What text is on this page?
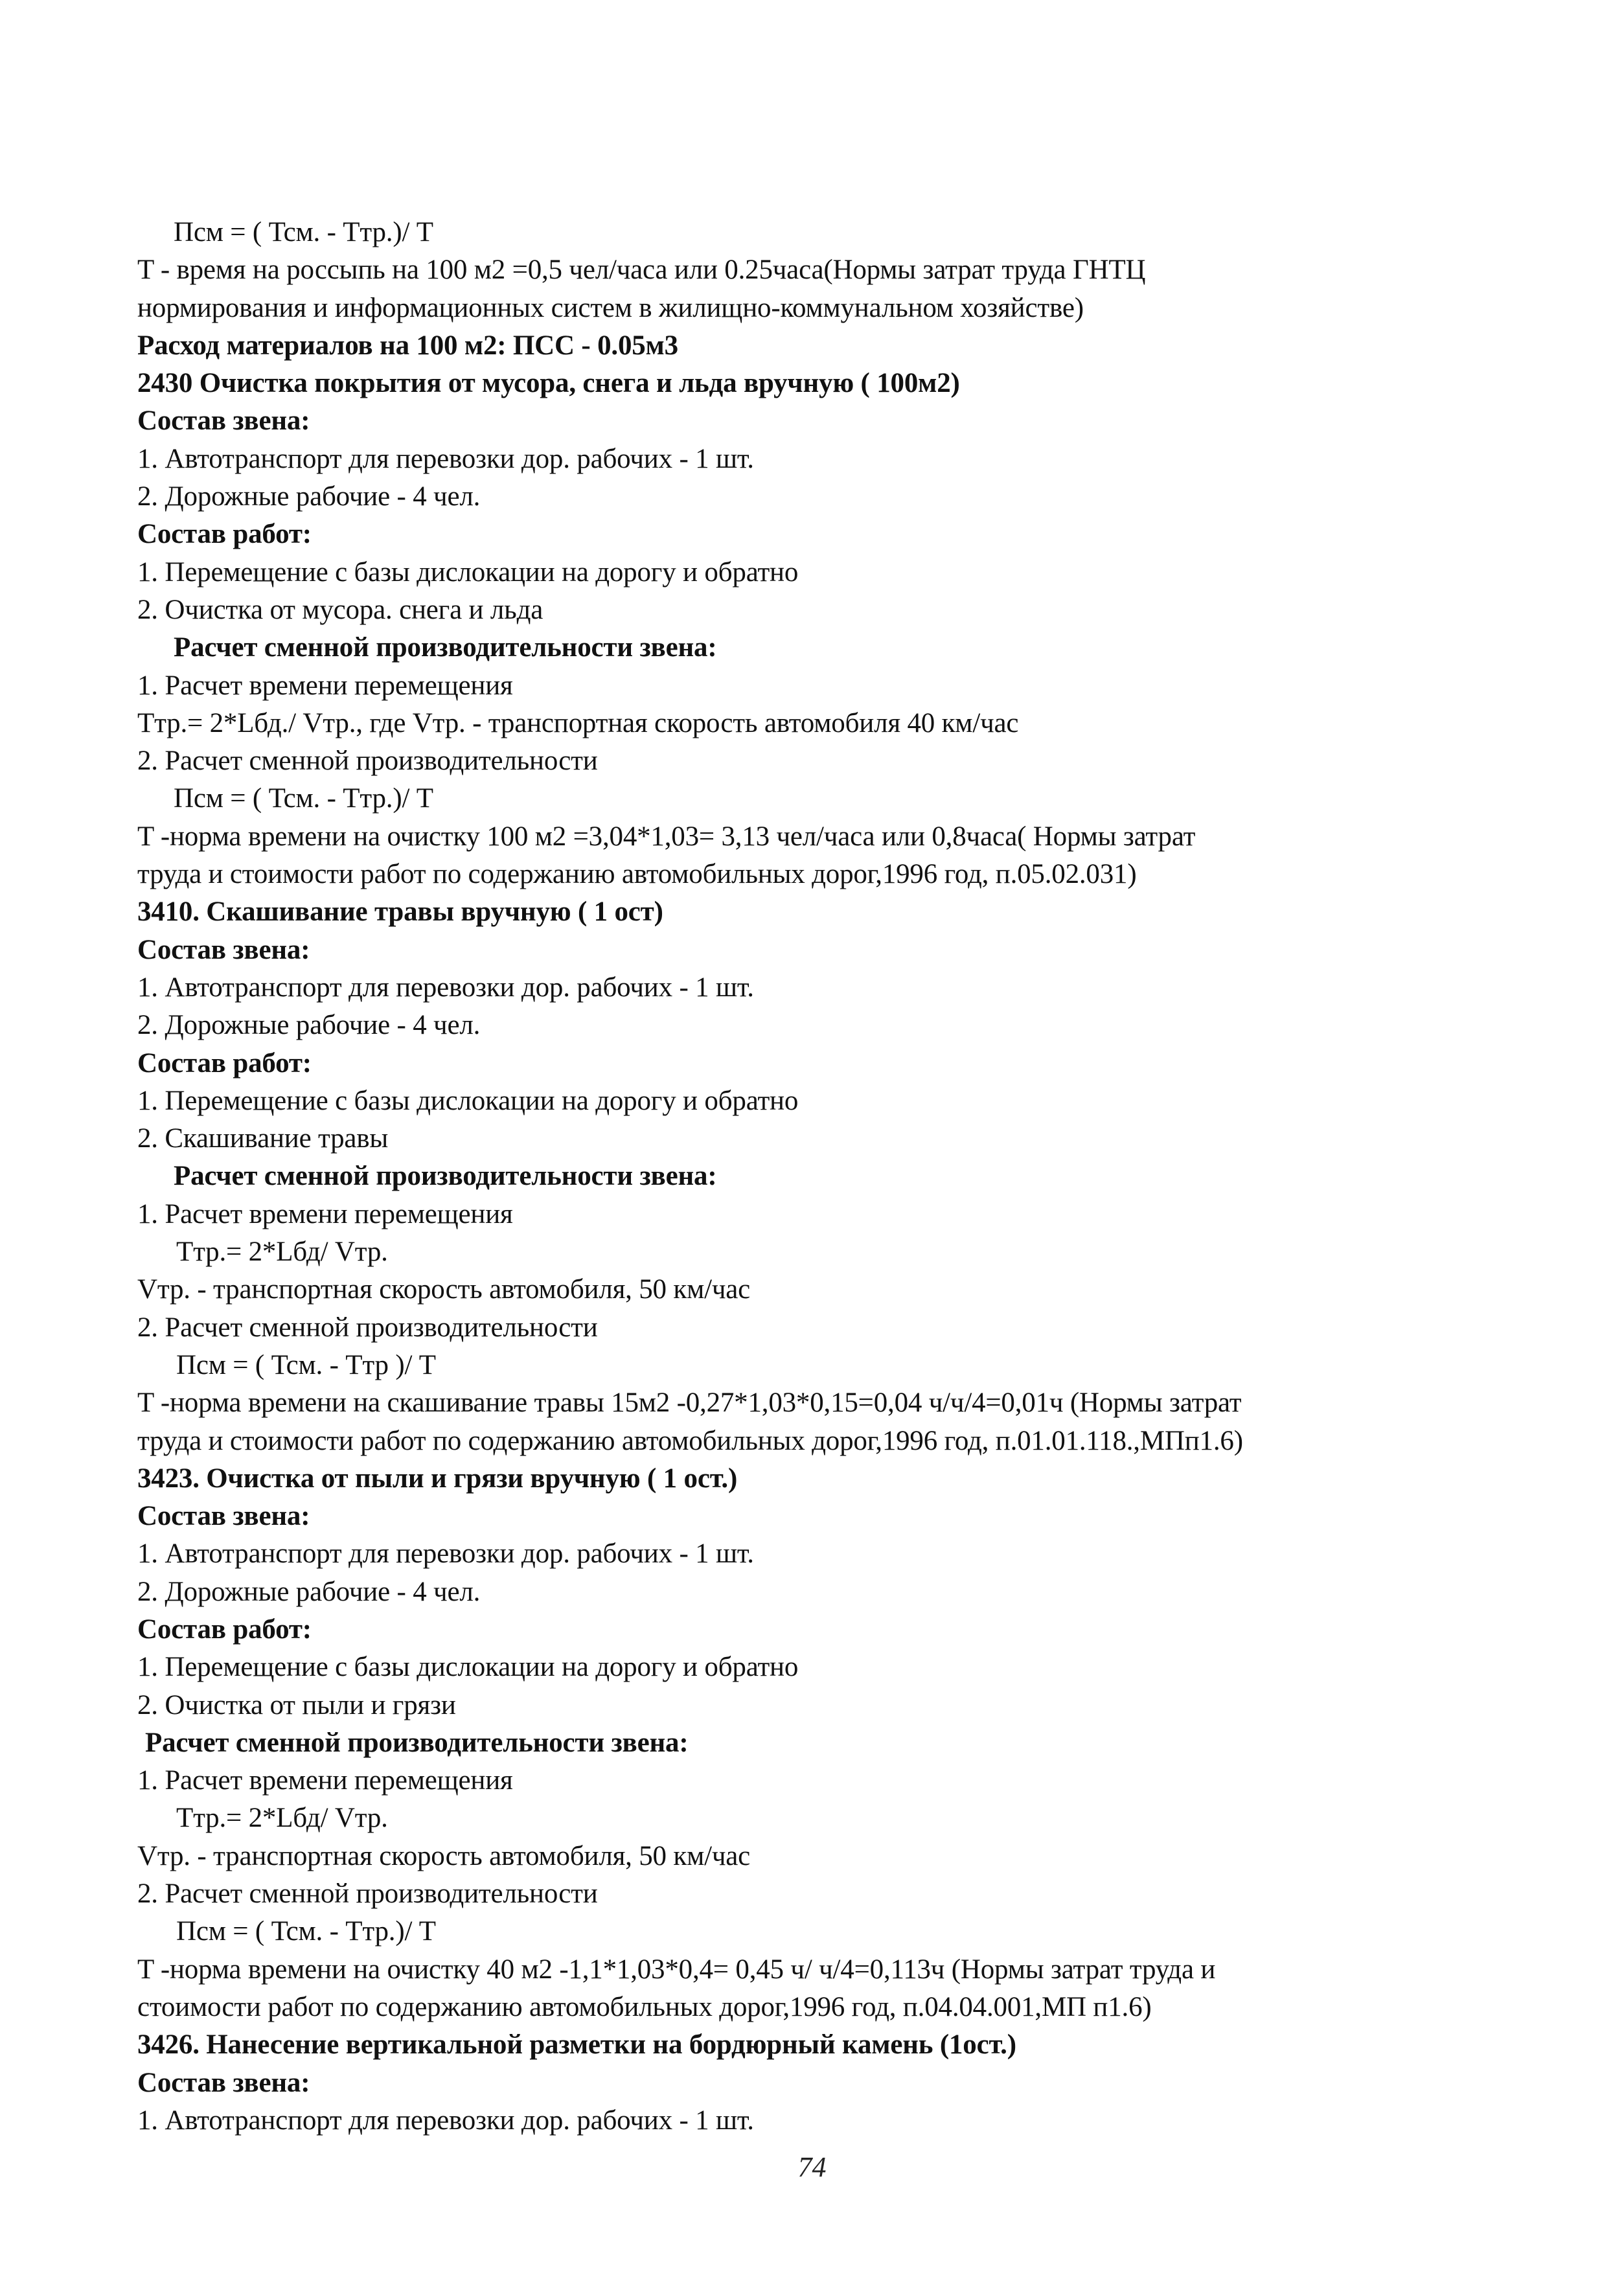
Пcм = ( Tcм. - Tтр.)/ T
T - время на россыпь на 100 м2 =0,5 чел/часа или 0.25часа(Нормы затрат труда ГНТЦ
нормирования и информационных систем в жилищно-коммунальном хозяйстве)
Расход материалов на 100 м2: ПСС - 0.05м3
2430 Очистка покрытия от мусора, снега и льда вручную ( 100м2)
Состав звена:
1. Автотранспорт для перевозки дор. рабочих - 1 шт.
2. Дорожные рабочие - 4 чел.
Состав работ:
1. Перемещение с базы дислокации на дорогу и обратно
2. Очистка от мусора. снега и льда
Расчет сменной производительности звена:
1. Расчет времени перемещения
Tтр.= 2*Lбд./ Vтр., где Vтр. - транспортная скорость автомобиля 40 км/час
2. Расчет сменной производительности
Пcм = ( Tcм. - Tтр.)/ T
T -норма времени на очистку 100 м2 =3,04*1,03= 3,13 чел/часа или 0,8часа( Нормы затрат
труда и стоимости работ по содержанию автомобильных дорог,1996 год, п.05.02.031)
3410. Скашивание травы вручную ( 1 ост)
Состав звена:
1. Автотранспорт для перевозки дор. рабочих - 1 шт.
2. Дорожные рабочие - 4 чел.
Состав работ:
1. Перемещение с базы дислокации на дорогу и обратно
2. Скашивание травы
Расчет сменной производительности звена:
1. Расчет времени перемещения
Tтр.= 2*Lбд/ Vтр.
Vтр. - транспортная скорость автомобиля, 50 км/час
2. Расчет сменной производительности
Пcм = ( Tcм. - Tтр )/ T
T -норма времени на скашивание травы 15м2 -0,27*1,03*0,15=0,04 ч/ч/4=0,01ч (Нормы затрат
труда и стоимости работ по содержанию автомобильных дорог,1996 год, п.01.01.118.,МПп1.6)
3423. Очистка от пыли и грязи вручную ( 1 ост.)
Состав звена:
1. Автотранспорт для перевозки дор. рабочих - 1 шт.
2. Дорожные рабочие - 4 чел.
Состав работ:
1. Перемещение с базы дислокации на дорогу и обратно
2. Очистка от пыли и грязи
Расчет сменной производительности звена:
1. Расчет времени перемещения
Tтр.= 2*Lбд/ Vтр.
Vтр. - транспортная скорость автомобиля, 50 км/час
2. Расчет сменной производительности
Пcм = ( Tcм. - Tтр.)/ T
T -норма времени на очистку 40 м2 -1,1*1,03*0,4= 0,45 ч/ ч/4=0,113ч (Нормы затрат труда и
стоимости работ по содержанию автомобильных дорог,1996 год, п.04.04.001,МП п1.6)
3426. Нанесение вертикальной разметки на бордюрный камень (1ост.)
Состав звена:
1. Автотранспорт для перевозки дор. рабочих - 1 шт.
74
